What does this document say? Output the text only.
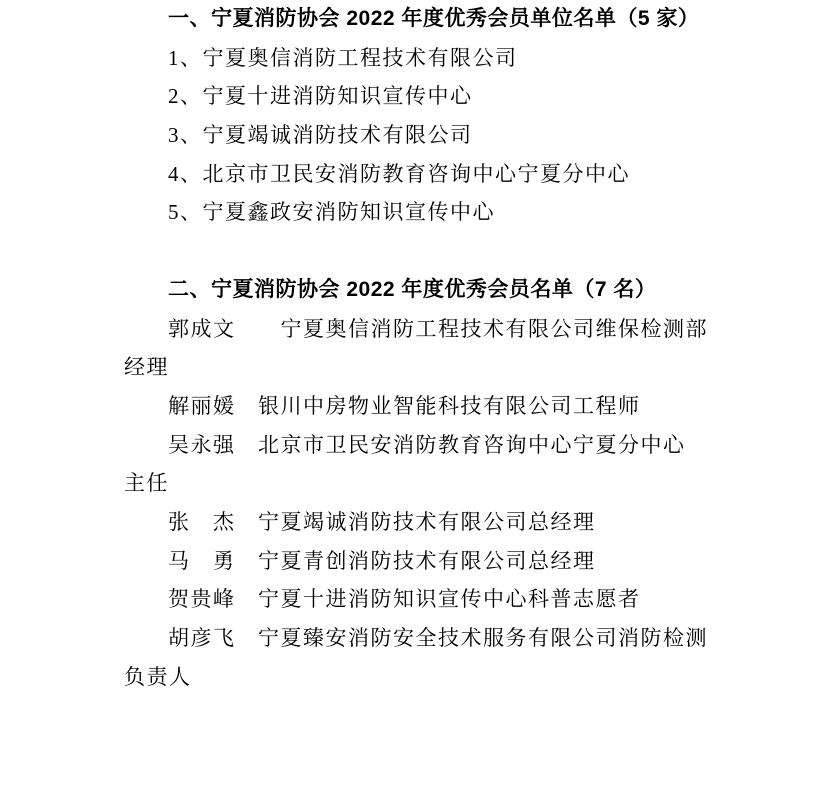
一、宁夏消防协会 2022 年度优秀会员单位名单（5 家）
1、宁夏奥信消防工程技术有限公司
2、宁夏十进消防知识宣传中心
3、宁夏竭诚消防技术有限公司
4、北京市卫民安消防教育咨询中心宁夏分中心
5、宁夏鑫政安消防知识宣传中心
二、宁夏消防协会 2022 年度优秀会员名单（7 名）
郭成文　　宁夏奥信消防工程技术有限公司维保检测部
经理
解丽媛　银川中房物业智能科技有限公司工程师
吴永强　北京市卫民安消防教育咨询中心宁夏分中心
主任
张　杰　宁夏竭诚消防技术有限公司总经理
马　勇　宁夏青创消防技术有限公司总经理
贺贵峰　宁夏十进消防知识宣传中心科普志愿者
胡彦飞　宁夏臻安消防安全技术服务有限公司消防检测
负责人
